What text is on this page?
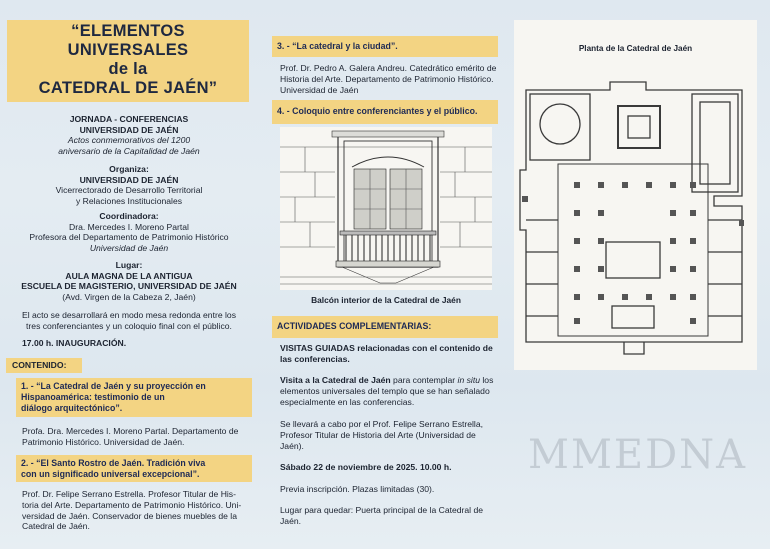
“ELEMENTOS
UNIVERSALES
de la
CATEDRAL DE JAÉN”
JORNADA - CONFERENCIAS
UNIVERSIDAD DE JAÉN
Actos conmemorativos del 1200
aniversario de la Capitalidad de Jaén
Organiza:
UNIVERSIDAD DE JAÉN
Vicerrectorado de Desarrollo Territorial
y Relaciones Institucionales
Coordinadora:
Dra. Mercedes I. Moreno Partal
Profesora del Departamento de Patrimonio Histórico
Universidad de Jaén
Lugar:
AULA MAGNA DE LA ANTIGUA
ESCUELA DE MAGISTERIO, UNIVERSIDAD DE JAÉN
(Avd. Virgen de la Cabeza 2, Jaén)
El acto se desarrollará en modo mesa redonda entre los
tres conferenciantes y un coloquio final con el público.
17.00 h. INAUGURACIÓN.
CONTENIDO:
1. - “La Catedral de Jaén y su proyección en
Hispanoamérica: testimonio de un
diálogo arquitectónico”.
Profa. Dra. Mercedes I. Moreno Partal. Departamento de
Patrimonio Histórico. Universidad de Jaén.
2. - “El Santo Rostro de Jaén. Tradición viva
con un significado universal excepcional”.
Prof. Dr. Felipe Serrano Estrella. Profesor Titular de His-
toria del Arte. Departamento de Patrimonio Histórico. Uni-
versidad de Jaén. Conservador de bienes muebles de la
Catedral de Jaén.
3. - “La catedral y la ciudad”.
Prof. Dr. Pedro A. Galera Andreu. Catedrático emérito de
Historia del Arte. Departamento de Patrimonio Histórico.
Universidad de Jaén
4. - Coloquio entre conferenciantes y el público.
Balcón interior de la Catedral de Jaén
ACTIVIDADES COMPLEMENTARIAS:
VISITAS GUIADAS relacionadas con el contenido de
las conferencias.
Visita a la Catedral de Jaén para contemplar in situ los
elementos universales del templo que se han señalado
especialmente en las conferencias.
Se llevará a cabo por el Prof. Felipe Serrano Estrella,
Profesor Titular de Historia del Arte (Universidad de
Jaén).
Sábado 22 de noviembre de 2025. 10.00 h.
Previa inscripción. Plazas limitadas (30).
Lugar para quedar: Puerta principal de la Catedral de
Jaén.
Planta de la Catedral de Jaén
MMEDNA
